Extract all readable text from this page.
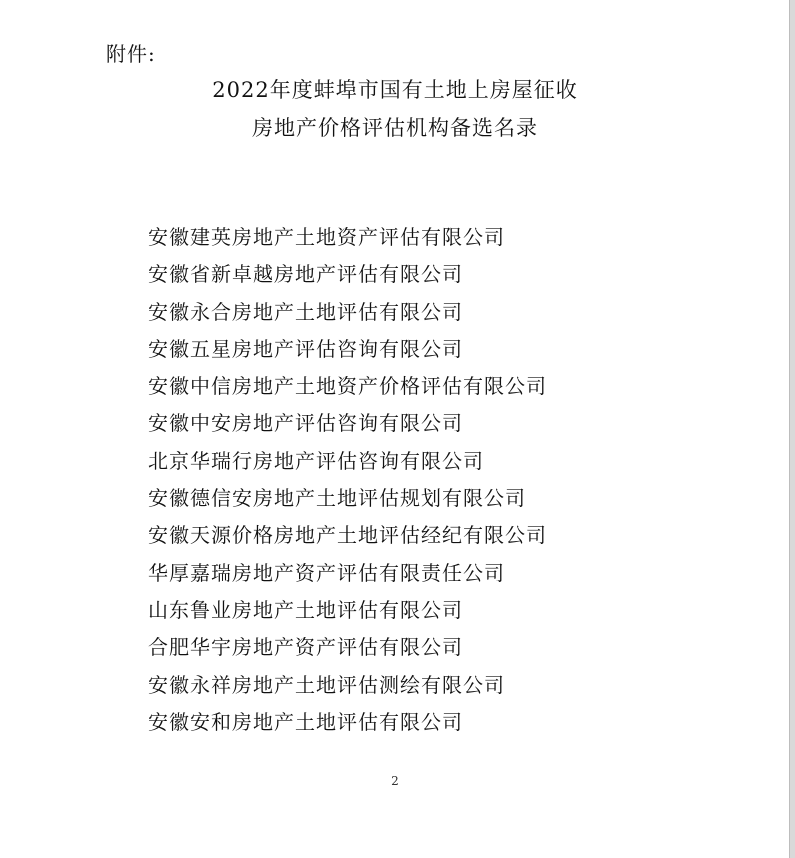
附件:
2022年度蚌埠市国有土地上房屋征收
房地产价格评估机构备选名录
安徽建英房地产土地资产评估有限公司
安徽省新卓越房地产评估有限公司
安徽永合房地产土地评估有限公司
安徽五星房地产评估咨询有限公司
安徽中信房地产土地资产价格评估有限公司
安徽中安房地产评估咨询有限公司
北京华瑞行房地产评估咨询有限公司
安徽德信安房地产土地评估规划有限公司
安徽天源价格房地产土地评估经纪有限公司
华厚嘉瑞房地产资产评估有限责任公司
山东鲁业房地产土地评估有限公司
合肥华宇房地产资产评估有限公司
安徽永祥房地产土地评估测绘有限公司
安徽安和房地产土地评估有限公司
2
